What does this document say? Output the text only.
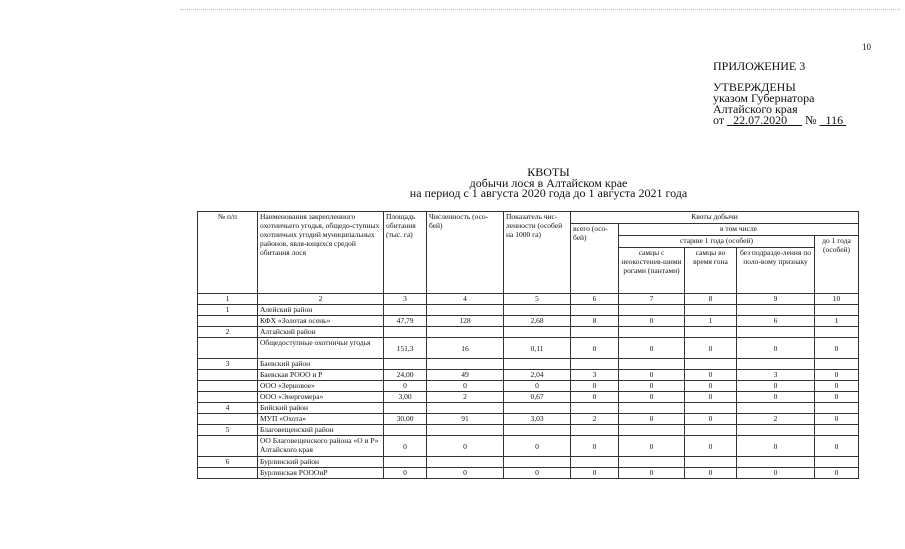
10
ПРИЛОЖЕНИЕ 3
УТВЕРЖДЕНЫ
указом Губернатора
Алтайского края
от 22.07.2020 № 116
КВОТЫ
добычи лося в Алтайском крае
на период с 1 августа 2020 года до 1 августа 2021 года
№ п/п	Наименования закрепленного охотничьего угодья, общедо-ступных охотничьих угодий муниципальных районов, явля-ющихся средой обитания лося	Площадь обитания (тыс. га)	Численность (осо-бей)	Показатель чис-ленности (особей на 1000 га)	Квоты добычи				
					всего (осо-бей)	в том числе			
						старше 1 года (особей)			до 1 года (особей)
						самцы с неокостенев-шими рогами (пантами)	самцы во время гона	без подразде-ления по поло-вому признаку	
1	2	3	4	5	6	7	8	9	10
1	Алейский район								
	КФХ «Золотая осень»	47,79	128	2,68	8	0	1	6	1
2	Алтайский район								
	Общедоступные охотничьи угодья	151,3	16	0,11	0	0	0	0	0
3	Баевский район								
	Баевская РООО и Р	24,00	49	2,04	3	0	0	3	0
	ООО «Зерновое»	0	0	0	0	0	0	0	0
	ООО «Энергомера»	3,00	2	0,67	0	0	0	0	0
4	Бийский район								
	МУП «Охота»	30,00	91	3,03	2	0	0	2	0
5	Благовещенский район								
	ОО Благовещенского района «О и Р» Алтайского края	0	0	0	0	0	0	0	0
6	Бурлинский район								
	Бурлинская РОООиР	0	0	0	0	0	0	0	0
